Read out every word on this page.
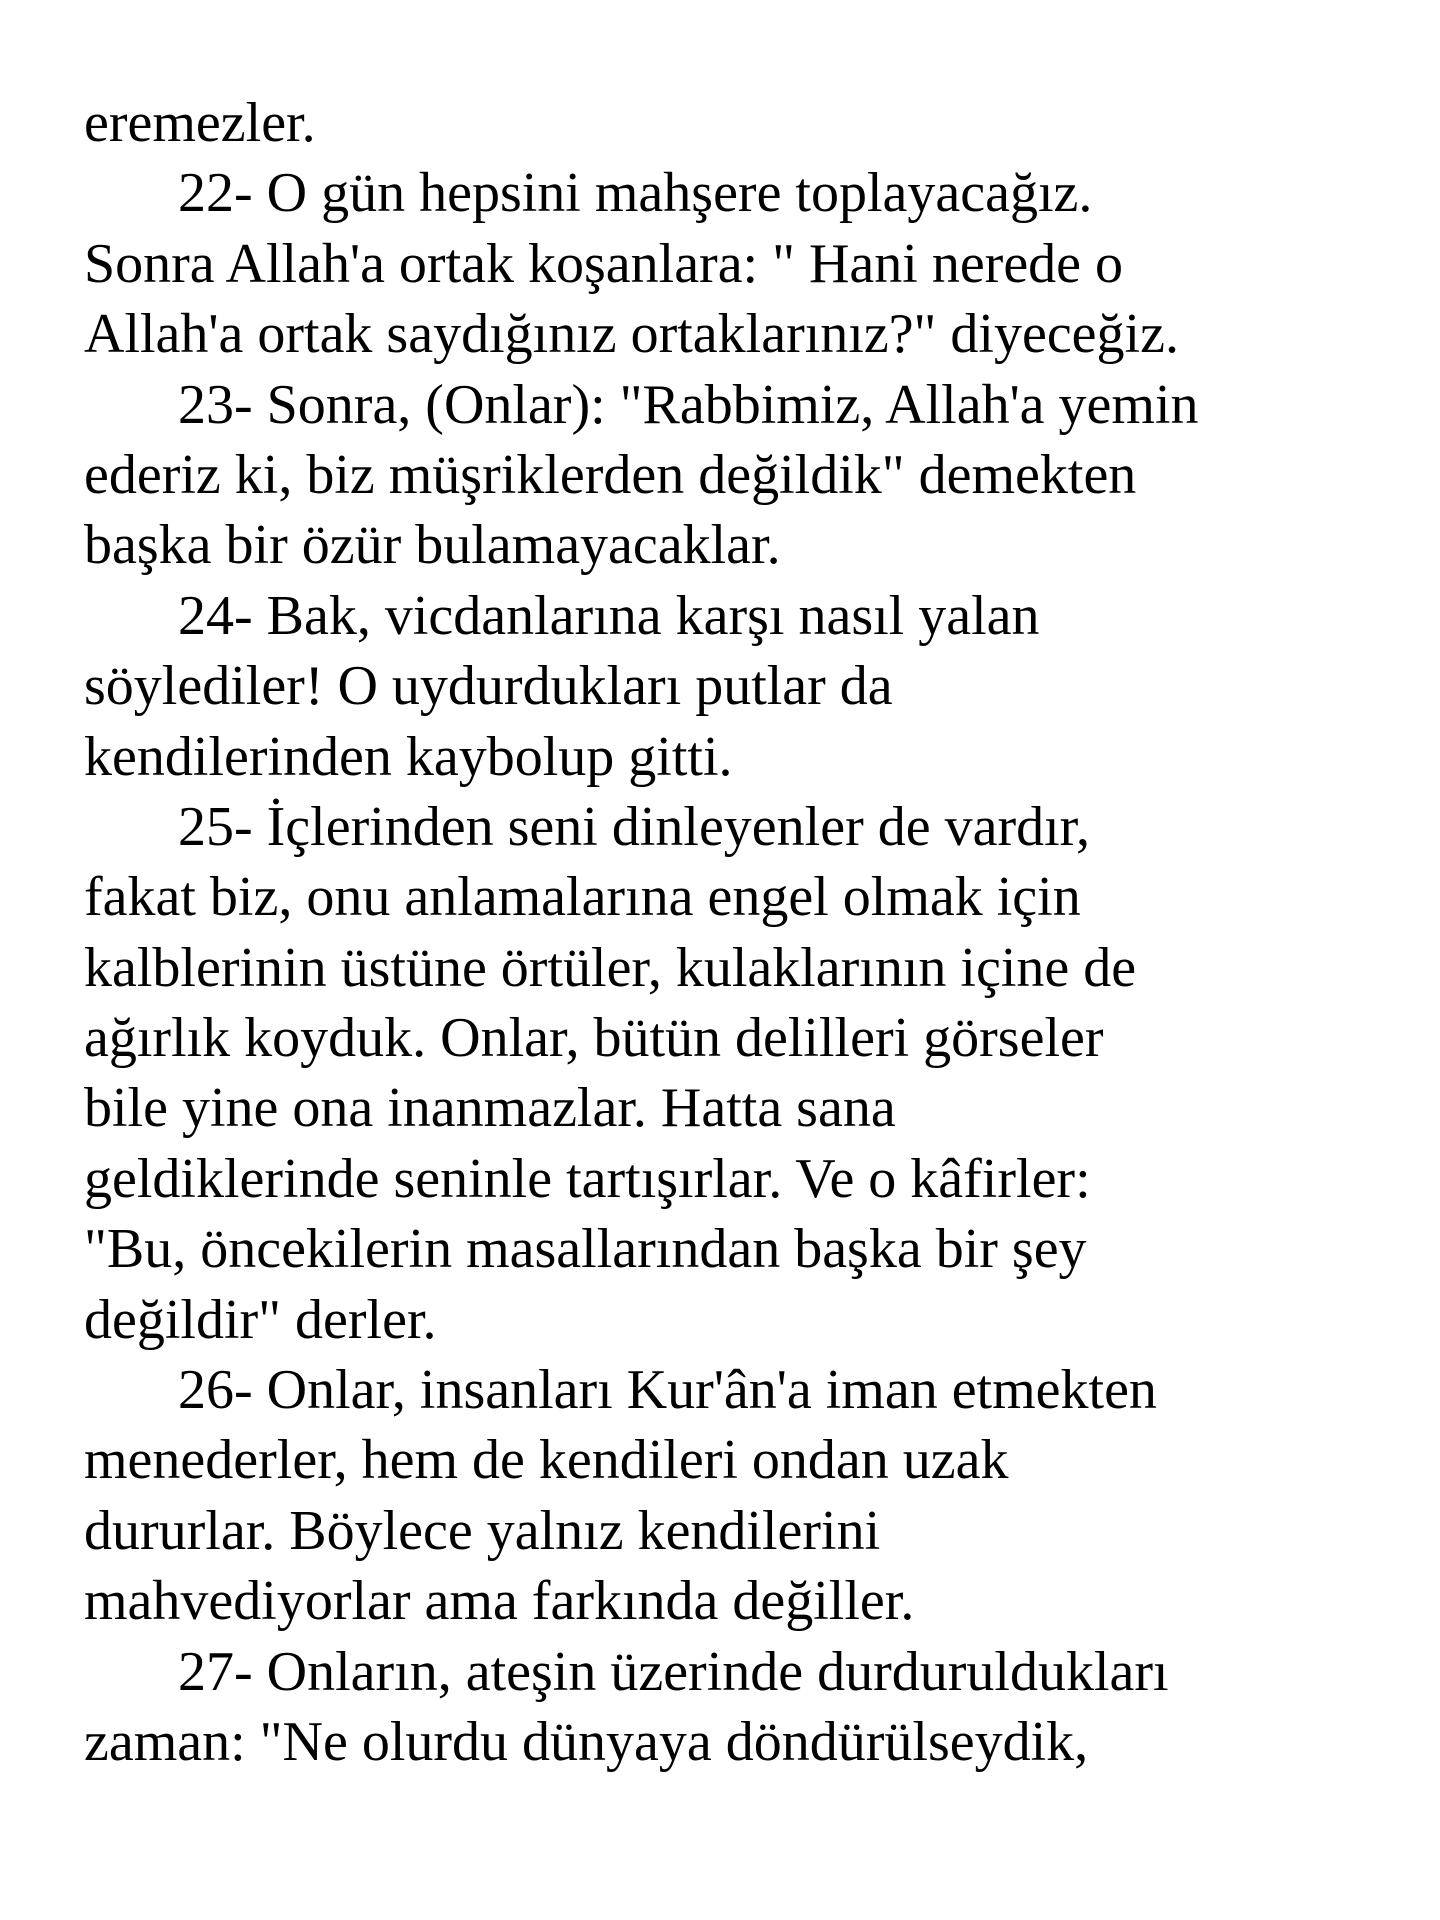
eremezler.
22- O gün hepsini mahşere toplayacağız.
Sonra Allah'a ortak koşanlara: " Hani nerede o
Allah'a ortak saydığınız ortaklarınız?" diyeceğiz.
23- Sonra, (Onlar): "Rabbimiz, Allah'a yemin
ederiz ki, biz müşriklerden değildik" demekten
başka bir özür bulamayacaklar.
24- Bak, vicdanlarına karşı nasıl yalan
söylediler! O uydurdukları putlar da
kendilerinden kaybolup gitti.
25- İçlerinden seni dinleyenler de vardır,
fakat biz, onu anlamalarına engel olmak için
kalblerinin üstüne örtüler, kulaklarının içine de
ağırlık koyduk. Onlar, bütün delilleri görseler
bile yine ona inanmazlar. Hatta sana
geldiklerinde seninle tartışırlar. Ve o kâfirler:
"Bu, öncekilerin masallarından başka bir şey
değildir" derler.
26- Onlar, insanları Kur'ân'a iman etmekten
menederler, hem de kendileri ondan uzak
dururlar. Böylece yalnız kendilerini
mahvediyorlar ama farkında değiller.
27- Onların, ateşin üzerinde durduruldukları
zaman: "Ne olurdu dünyaya döndürülseydik,
